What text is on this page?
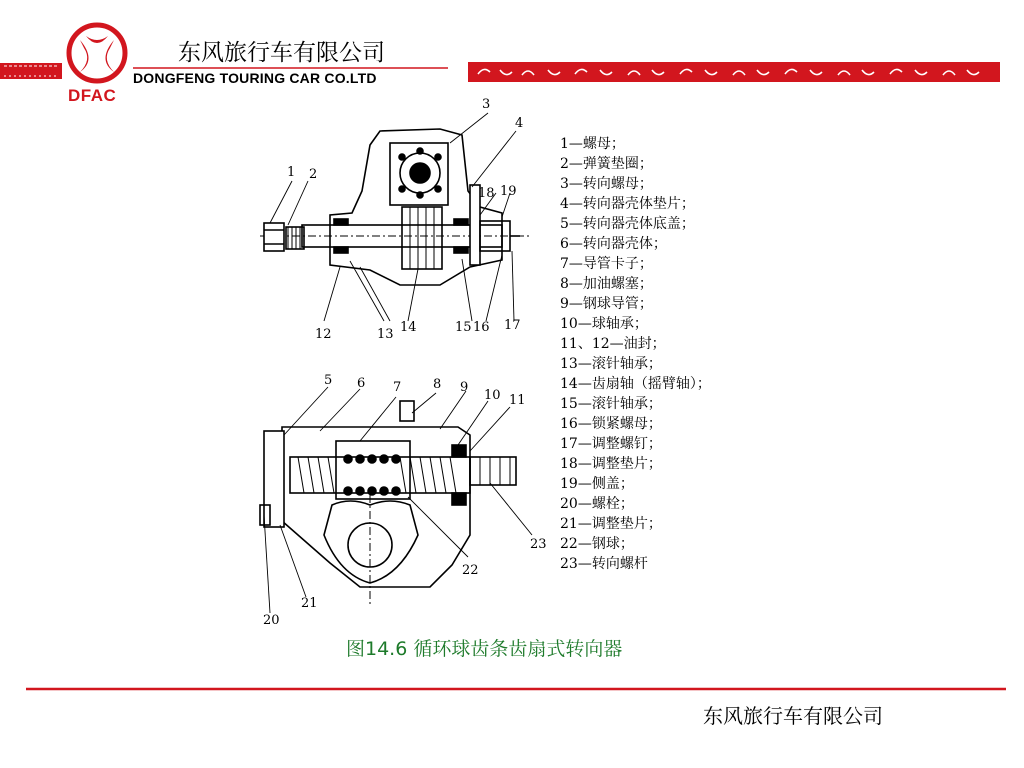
东风旅行车有限公司
DONGFENG TOURING CAR CO.LTD
DFAC	3
4
1 2
18 19
12	13 14	15 16 17
5 6 7 8 9
10 11
23
22
20
21
1—螺母；
2—弹簧垫圈；
3—转向螺母；
4—转向器壳体垫片；
5—转向器壳体底盖；
6—转向器壳体；
7—导管卡子；
8—加油螺塞；
9—钢球导管；
10—球轴承；
11、12—油封；
13—滚针轴承；
14—齿扇轴（摇臂轴）；
15—滚针轴承；
16—锁紧螺母；
17—调整螺钉；
18—调整垫片；
19—侧盖；
20—螺栓；
21—调整垫片；
22—钢球；
23—转向螺杆
图14.6 循环球齿条齿扇式转向器
东风旅行车有限公司
